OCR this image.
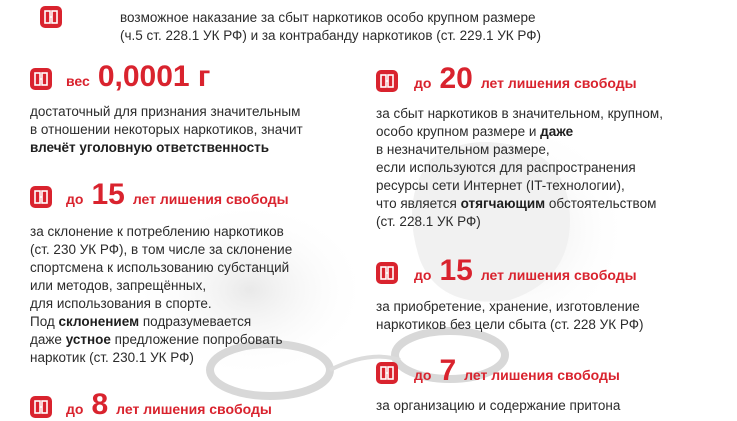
возможное наказание за сбыт наркотиков особо крупном размере
(ч.5 ст. 228.1 УК РФ) и за контрабанду наркотиков (ст. 229.1 УК РФ)
вес 0,0001 г
достаточный для признания значительным
в отношении некоторых наркотиков, значит
влечёт уголовную ответственность
до 15 лет лишения свободы
за склонение к потреблению наркотиков
(ст. 230 УК РФ), в том числе за склонение
спортсмена к использованию субстанций
или методов, запрещённых,
для использования в спорте.
Под склонением подразумевается
даже устное предложение попробовать
наркотик (ст. 230.1 УК РФ)
до 8 лет лишения свободы
до 20 лет лишения свободы
за сбыт наркотиков в значительном, крупном,
особо крупном размере и даже
в незначительном размере,
если используются для распространения
ресурсы сети Интернет (IT-технологии),
что является отягчающим обстоятельством
(ст. 228.1 УК РФ)
до 15 лет лишения свободы
за приобретение, хранение, изготовление
наркотиков без цели сбыта (ст. 228 УК РФ)
до 7 лет лишения свободы
за организацию и содержание притона
